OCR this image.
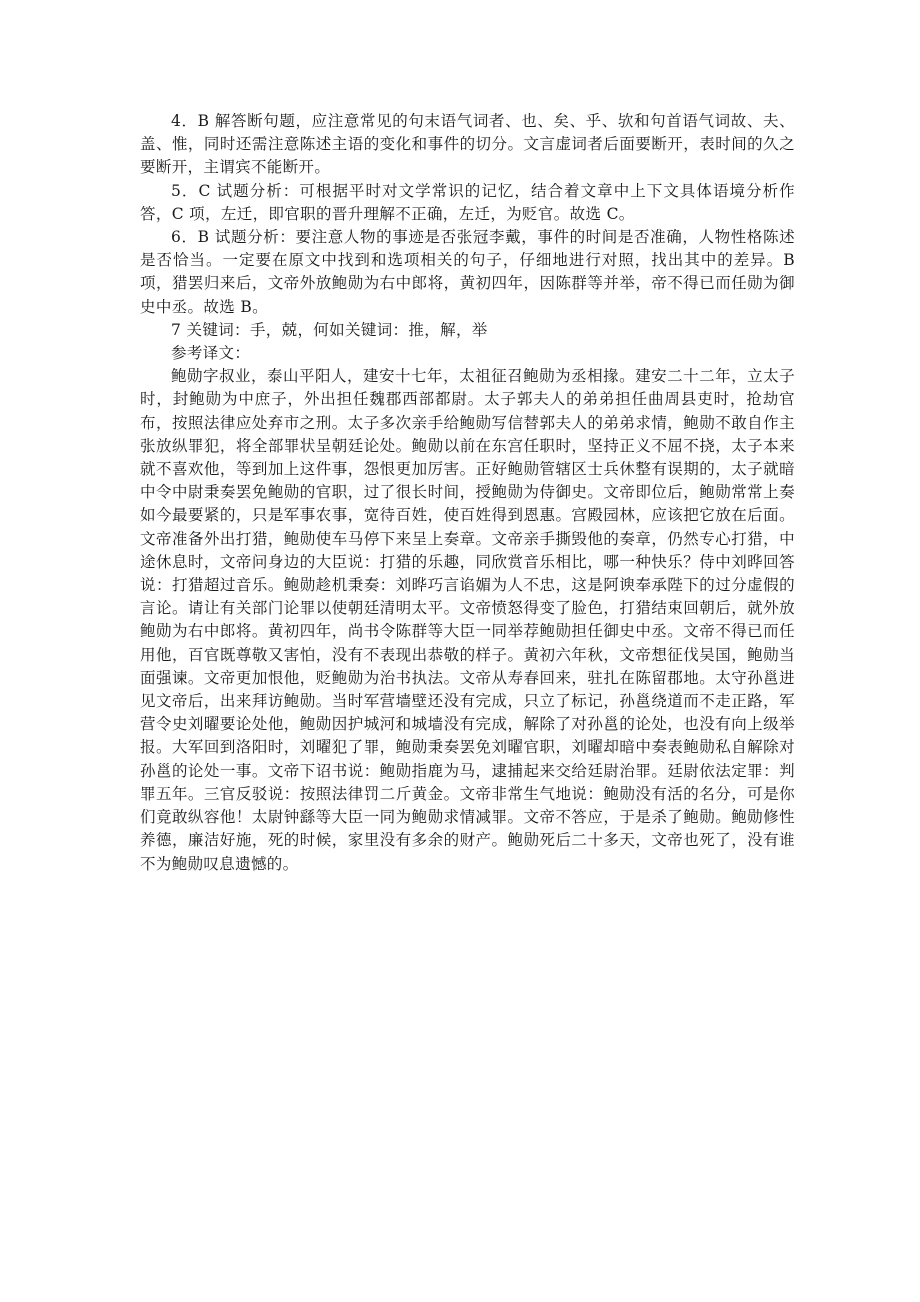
4．B 解答断句题，应注意常见的句末语气词者、也、矣、乎、欤和句首语气词故、夫、盖、惟，同时还需注意陈述主语的变化和事件的切分。文言虚词者后面要断开，表时间的久之要断开，主谓宾不能断开。

5．C 试题分析：可根据平时对文学常识的记忆，结合着文章中上下文具体语境分析作答，C 项，左迁，即官职的晋升理解不正确，左迁，为贬官。故选 C。

6．B 试题分析：要注意人物的事迹是否张冠李戴，事件的时间是否准确，人物性格陈述是否恰当。一定要在原文中找到和选项相关的句子，仔细地进行对照，找出其中的差异。B 项，猎罢归来后，文帝外放鲍勋为右中郎将，黄初四年，因陈群等并举，帝不得已而任勋为御史中丞。故选 B。

7 关键词：手，兢，何如关键词：推，解，举

参考译文：

鲍勋字叔业，泰山平阳人，建安十七年，太祖征召鲍勋为丞相掾。建安二十二年，立太子时，封鲍勋为中庶子，外出担任魏郡西部都尉。太子郭夫人的弟弟担任曲周县吏时，抢劫官布，按照法律应处弃市之刑。太子多次亲手给鲍勋写信替郭夫人的弟弟求情，鲍勋不敢自作主张放纵罪犯，将全部罪状呈朝廷论处。鲍勋以前在东宫任职时，坚持正义不屈不挠，太子本来就不喜欢他，等到加上这件事，怨恨更加厉害。正好鲍勋管辖区士兵休整有误期的，太子就暗中令中尉秉奏罢免鲍勋的官职，过了很长时间，授鲍勋为侍御史。文帝即位后，鲍勋常常上奏如今最要紧的，只是军事农事，宽待百姓，使百姓得到恩惠。宫殿园林，应该把它放在后面。文帝准备外出打猎，鲍勋使车马停下来呈上奏章。文帝亲手撕毁他的奏章，仍然专心打猎，中途休息时，文帝问身边的大臣说：打猎的乐趣，同欣赏音乐相比，哪一种快乐？侍中刘晔回答说：打猎超过音乐。鲍勋趁机秉奏：刘晔巧言谄媚为人不忠，这是阿谀奉承陛下的过分虚假的言论。请让有关部门论罪以使朝廷清明太平。文帝愤怒得变了脸色，打猎结束回朝后，就外放鲍勋为右中郎将。黄初四年，尚书令陈群等大臣一同举荐鲍勋担任御史中丞。文帝不得已而任用他，百官既尊敬又害怕，没有不表现出恭敬的样子。黄初六年秋，文帝想征伐吴国，鲍勋当面强谏。文帝更加恨他，贬鲍勋为治书执法。文帝从寿春回来，驻扎在陈留郡地。太守孙邕进见文帝后，出来拜访鲍勋。当时军营墙壁还没有完成，只立了标记，孙邕绕道而不走正路，军营令史刘曜要论处他，鲍勋因护城河和城墙没有完成，解除了对孙邕的论处，也没有向上级举报。大军回到洛阳时，刘曜犯了罪，鲍勋秉奏罢免刘曜官职，刘曜却暗中奏表鲍勋私自解除对孙邕的论处一事。文帝下诏书说：鲍勋指鹿为马，逮捕起来交给廷尉治罪。廷尉依法定罪：判罪五年。三官反驳说：按照法律罚二斤黄金。文帝非常生气地说：鲍勋没有活的名分，可是你们竟敢纵容他！太尉钟繇等大臣一同为鲍勋求情减罪。文帝不答应，于是杀了鲍勋。鲍勋修性养德，廉洁好施，死的时候，家里没有多余的财产。鲍勋死后二十多天，文帝也死了，没有谁不为鲍勋叹息遗憾的。
